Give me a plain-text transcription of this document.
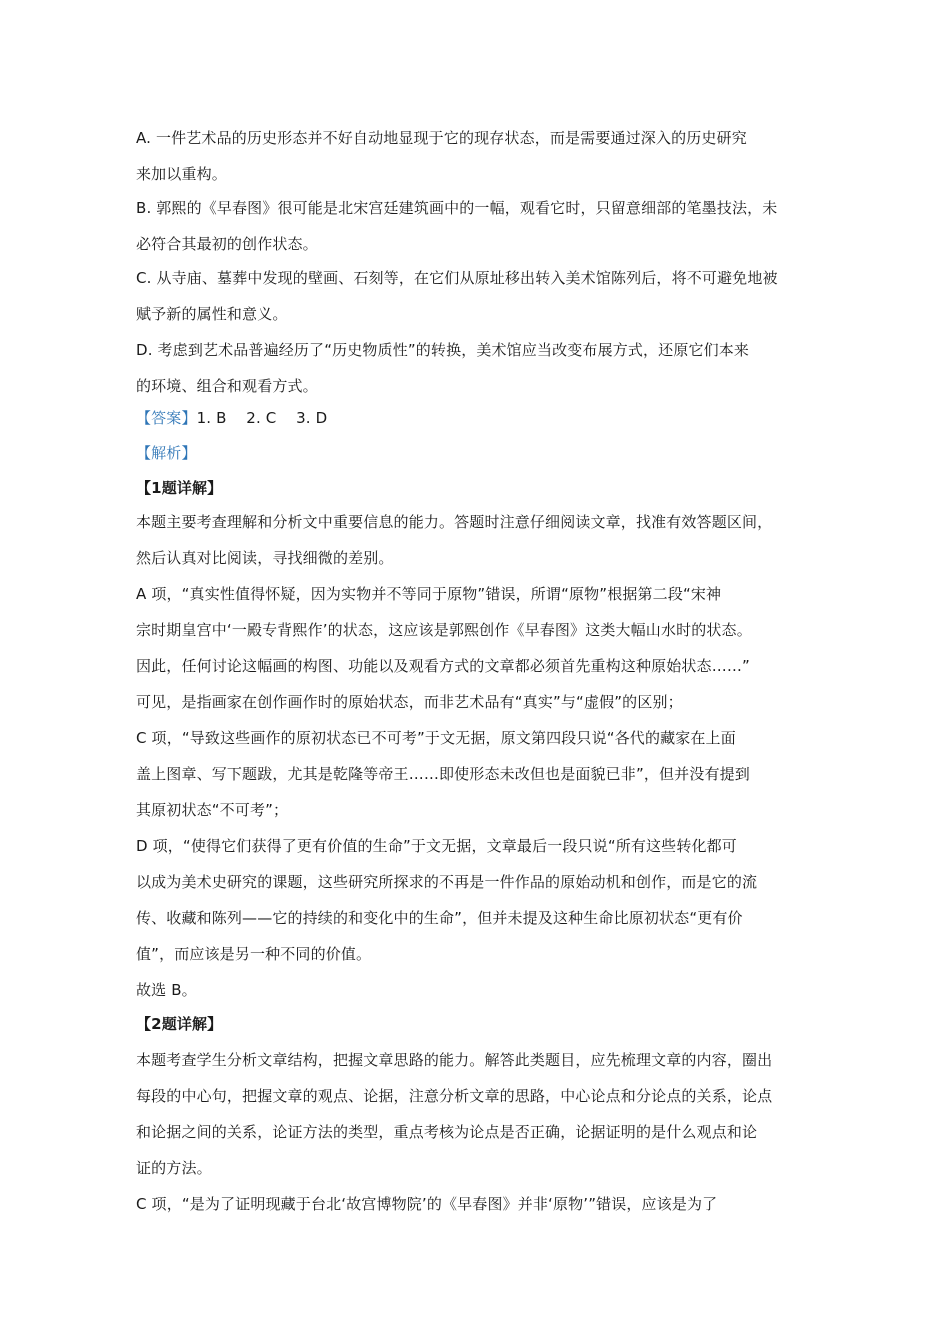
A. 一件艺术品的历史形态并不好自动地显现于它的现存状态，而是需要通过深入的历史研究
来加以重构。
B. 郭熙的《早春图》很可能是北宋宫廷建筑画中的一幅，观看它时，只留意细部的笔墨技法，未
必符合其最初的创作状态。
C. 从寺庙、墓葬中发现的壁画、石刻等，在它们从原址移出转入美术馆陈列后，将不可避免地被
赋予新的属性和意义。
D. 考虑到艺术品普遍经历了“历史物质性”的转换，美术馆应当改变布展方式，还原它们本来
的环境、组合和观看方式。
【答案】1. B    2. C    3. D
【解析】
【1题详解】
本题主要考查理解和分析文中重要信息的能力。答题时注意仔细阅读文章，找准有效答题区间，
然后认真对比阅读，寻找细微的差别。
A 项，“真实性值得怀疑，因为实物并不等同于原物”错误，所谓“原物”根据第二段“宋神
宗时期皇宫中‘一殿专背熙作’的状态，这应该是郭熙创作《早春图》这类大幅山水时的状态。
因此，任何讨论这幅画的构图、功能以及观看方式的文章都必须首先重构这种原始状态……”
可见，是指画家在创作画作时的原始状态，而非艺术品有“真实”与“虚假”的区别；
C 项，“导致这些画作的原初状态已不可考”于文无据，原文第四段只说“各代的藏家在上面
盖上图章、写下题跋，尤其是乾隆等帝王……即使形态未改但也是面貌已非”，但并没有提到
其原初状态“不可考”；
D 项，“使得它们获得了更有价值的生命”于文无据，文章最后一段只说“所有这些转化都可
以成为美术史研究的课题，这些研究所探求的不再是一件作品的原始动机和创作，而是它的流
传、收藏和陈列——它的持续的和变化中的生命”，但并未提及这种生命比原初状态“更有价
值”，而应该是另一种不同的价值。
故选 B。
【2题详解】
本题考查学生分析文章结构，把握文章思路的能力。解答此类题目，应先梳理文章的内容，圈出
每段的中心句，把握文章的观点、论据，注意分析文章的思路，中心论点和分论点的关系，论点
和论据之间的关系，论证方法的类型，重点考核为论点是否正确，论据证明的是什么观点和论
证的方法。
C 项，“是为了证明现藏于台北‘故宫博物院’的《早春图》并非‘原物’”错误，应该是为了
